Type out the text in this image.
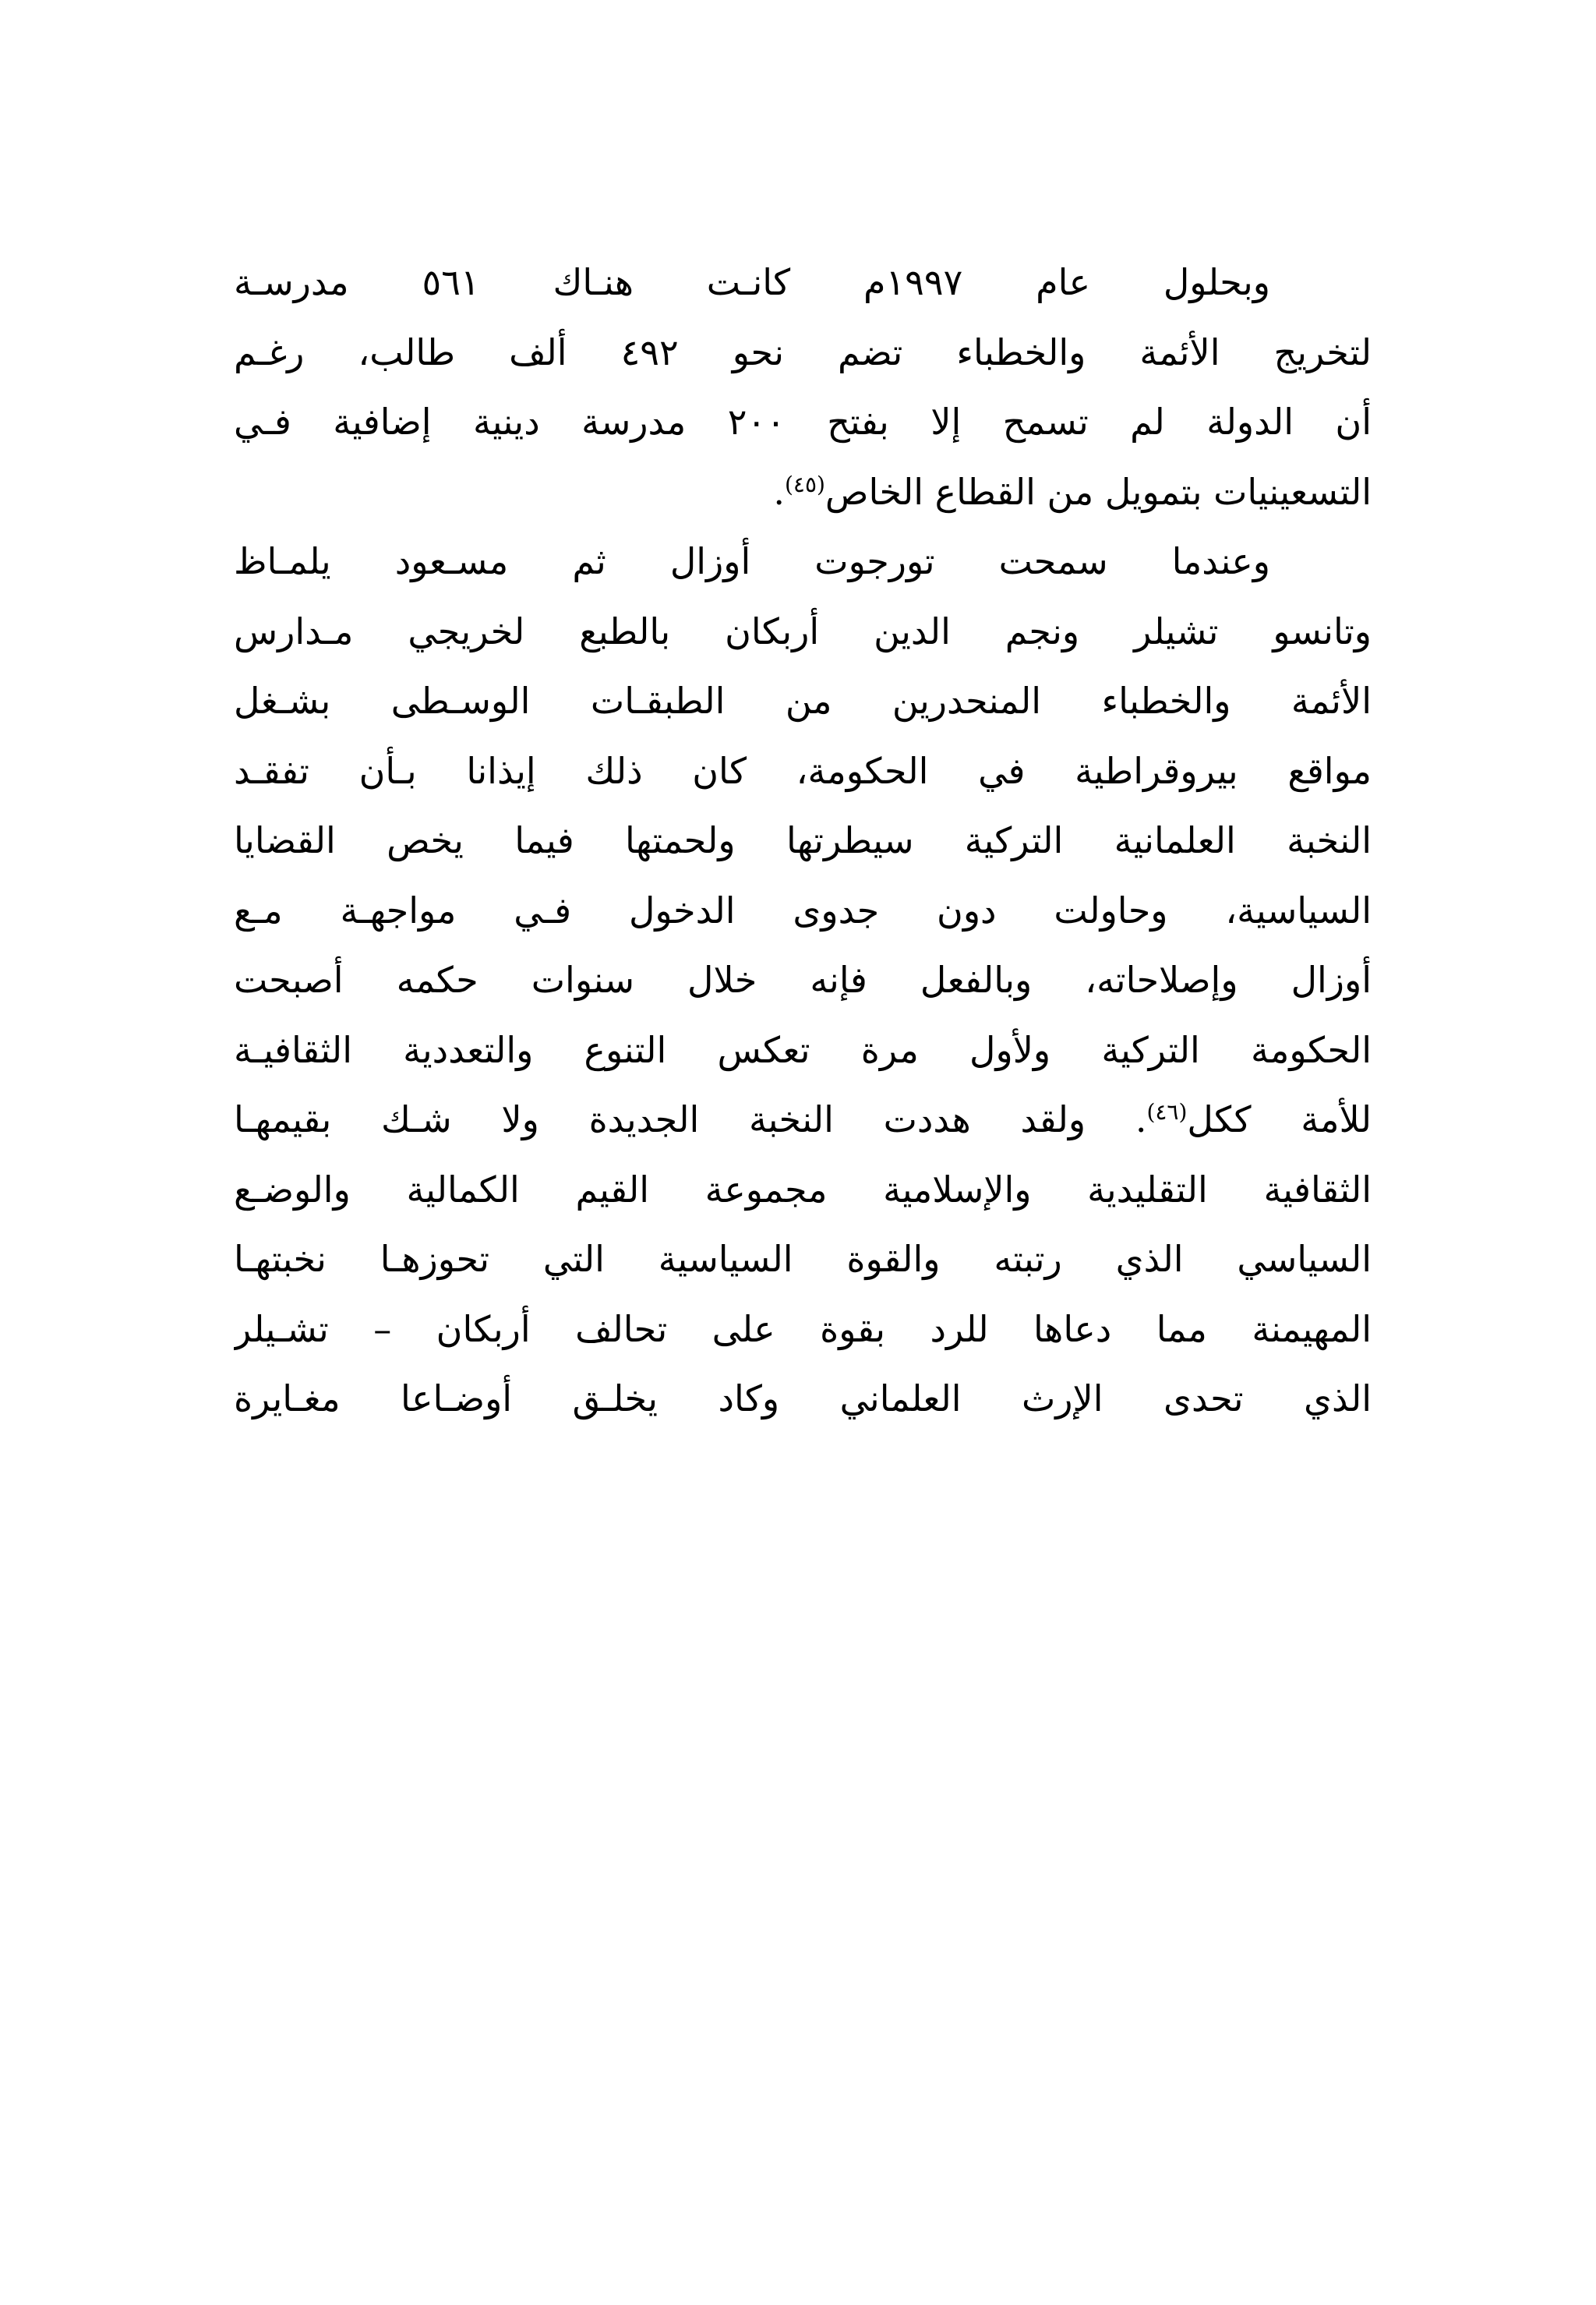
وبحلول عام ١٩٩٧م كانـت هنـاك ٥٦١ مدرسـة
لتخريج الأئمة والخطباء تضم نحو ٤٩٢ ألف طالب، رغـم
أن الدولة لم تسمح إلا بفتح ٢٠٠ مدرسة دينية إضافية فـي
التسعينيات بتمويل من القطاع الخاص$^{(٤٥)}$.
وعندما سمحت تورجوت أوزال ثم مسـعود يلمـاظ
وتانسو تشيلر ونجم الدين أربكان بالطبع لخريجي مـدارس
الأئمة والخطباء المنحدرين من الطبقـات الوسـطى بشـغل
مواقع بيروقراطية في الحكومة، كان ذلك إيذانا بـأن تفقـد
النخبة العلمانية التركية سيطرتها ولحمتها فيما يخص القضايا
السياسية، وحاولت دون جدوى الدخول فـي مواجهـة مـع
أوزال وإصلاحاته، وبالفعل فإنه خلال سنوات حكمه أصبحت
الحكومة التركية ولأول مرة تعكس التنوع والتعددية الثقافيـة
للأمة ككل$^{(٤٦)}$. ولقد هددت النخبة الجديدة ولا شـك بقيمهـا
الثقافية التقليدية والإسلامية مجموعة القيم الكمالية والوضـع
السياسي الذي رتبته والقوة السياسية التي تحوزهـا نخبتهـا
المهيمنة مما دعاها للرد بقوة على تحالف أربكان – تشـيلر
الذي تحدى الإرث العلماني وكاد يخلـق أوضـاعا مغـايرة
